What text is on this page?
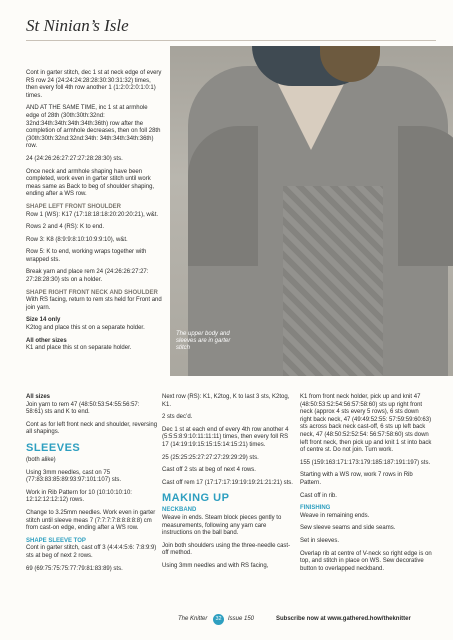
St Ninian’s Isle
The upper body and sleeves are in garter stitch

Cont in garter stitch, dec 1 st at neck edge of every RS row 24 (24:24:24:28:28:30:30:31:32) times, then every foll 4th row another 1 (1:2:0:2:0:1:0:1) times.

AND AT THE SAME TIME, inc 1 st at armhole edge of 28th (30th:30th:32nd: 32nd:34th:34th:34th:34th:36th) row after the completion of armhole decreases, then on foll 28th (30th:30th:32nd:32nd:34th: 34th:34th:34th:36th) row.

24 (24:26:26:27:27:27:28:28:30) sts.

Once neck and armhole shaping have been completed, work even in garter stitch until work meas same as Back to beg of shoulder shaping, ending after a WS row.

SHAPE LEFT FRONT SHOULDER

Row 1 (WS): K17 (17:18:18:18:20:20:20:21), w&t.

Rows 2 and 4 (RS): K to end.

Row 3: K8 (8:9:9:8:10:10:9:9:10), w&t.

Row 5: K to end, working wraps together with wrapped sts.

Break yarn and place rem 24 (24:26:26:27:27: 27:28:28:30) sts on a holder.

SHAPE RIGHT FRONT NECK AND SHOULDER

With RS facing, return to rem sts held for Front and join yarn.

Size 14 only

K2tog and place this st on a separate holder.

All other sizes

K1 and place this st on separate holder.

All sizes

Join yarn to rem 47 (48:50:53:54:55:56:57: 58:61) sts and K to end.

Cont as for left front neck and shoulder, reversing all shapings.

SLEEVES

(both alike)

Using 3mm needles, cast on 75 (77:83:83:85:89:93:97:101:107) sts.

Work in Rib Pattern for 10 (10:10:10:10: 12:12:12:12:12) rows.

Change to 3.25mm needles. Work even in garter stitch until sleeve meas 7 (7:7:7:7:8:8:8:8:8) cm from cast-on edge, ending after a WS row.

SHAPE SLEEVE TOP

Cont in garter stitch, cast off 3 (4:4:4:5:6: 7:8:9:9) sts at beg of next 2 rows.

69 (69:75:75:75:77:79:81:83:89) sts.

Next row (RS): K1, K2tog, K to last 3 sts, K2tog, K1.

2 sts dec’d.

Dec 1 st at each end of every 4th row another 4 (5:5:5:8:9:10:11:11:11) times, then every foll RS 17 (14:19:19:15:15:15:14:15:21) times.

25 (25:25:25:27:27:27:29:29:29) sts.

Cast off 2 sts at beg of next 4 rows.

Cast off rem 17 (17:17:17:19:19:19:21:21:21) sts.

MAKING UP

NECKBAND

Weave in ends. Steam block pieces gently to measurements, following any yarn care instructions on the ball band.

Join both shoulders using the three-needle cast-off method.

Using 3mm needles and with RS facing,

K1 from front neck holder, pick up and knit 47 (48:50:53:52:54:56:57:58:60) sts up right front neck (approx 4 sts every 5 rows), 6 sts down right back neck, 47 (49:49:52:55: 57:59:59:60:63) sts across back neck cast-off, 6 sts up left back neck, 47 (48:50:52:52:54: 56:57:58:60) sts down left front neck, then pick up and knit 1 st into back of centre st. Do not join. Turn work.

155 (159:163:171:173:179:185:187:191:197) sts.

Starting with a WS row, work 7 rows in Rib Pattern.

Cast off in rib.

FINISHING

Weave in remaining ends.

Sew sleeve seams and side seams.

Set in sleeves.

Overlap rib at centre of V-neck so right edge is on top, and stitch in place on WS. Sew decorative button to overlapped neckband.

The Knitter	32	Issue 150	Subscribe now at www.gathered.how/theknitter
